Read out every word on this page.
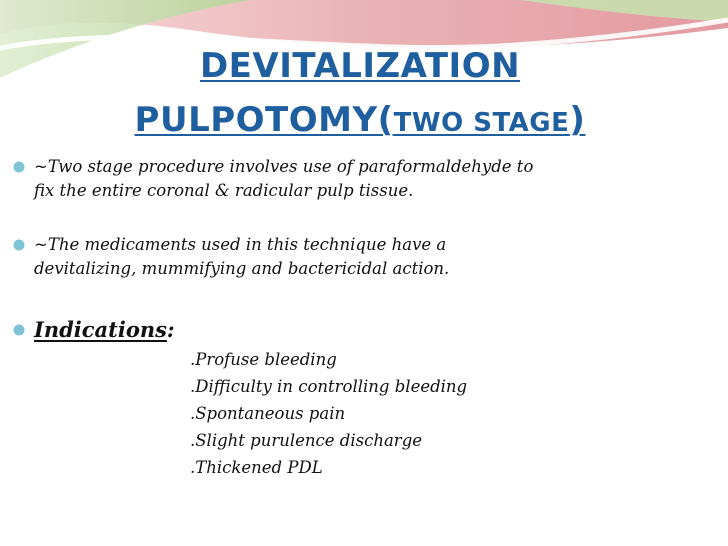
DEVITALIZATION
PULPOTOMY(TWO STAGE)
~Two stage procedure involves use of paraformaldehyde to
fix the entire coronal & radicular pulp tissue.
~The medicaments used in this technique have a
devitalizing, mummifying and bactericidal action.
Indications:
.Profuse bleeding
.Difficulty in controlling bleeding
.Spontaneous pain
.Slight purulence discharge
.Thickened PDL
